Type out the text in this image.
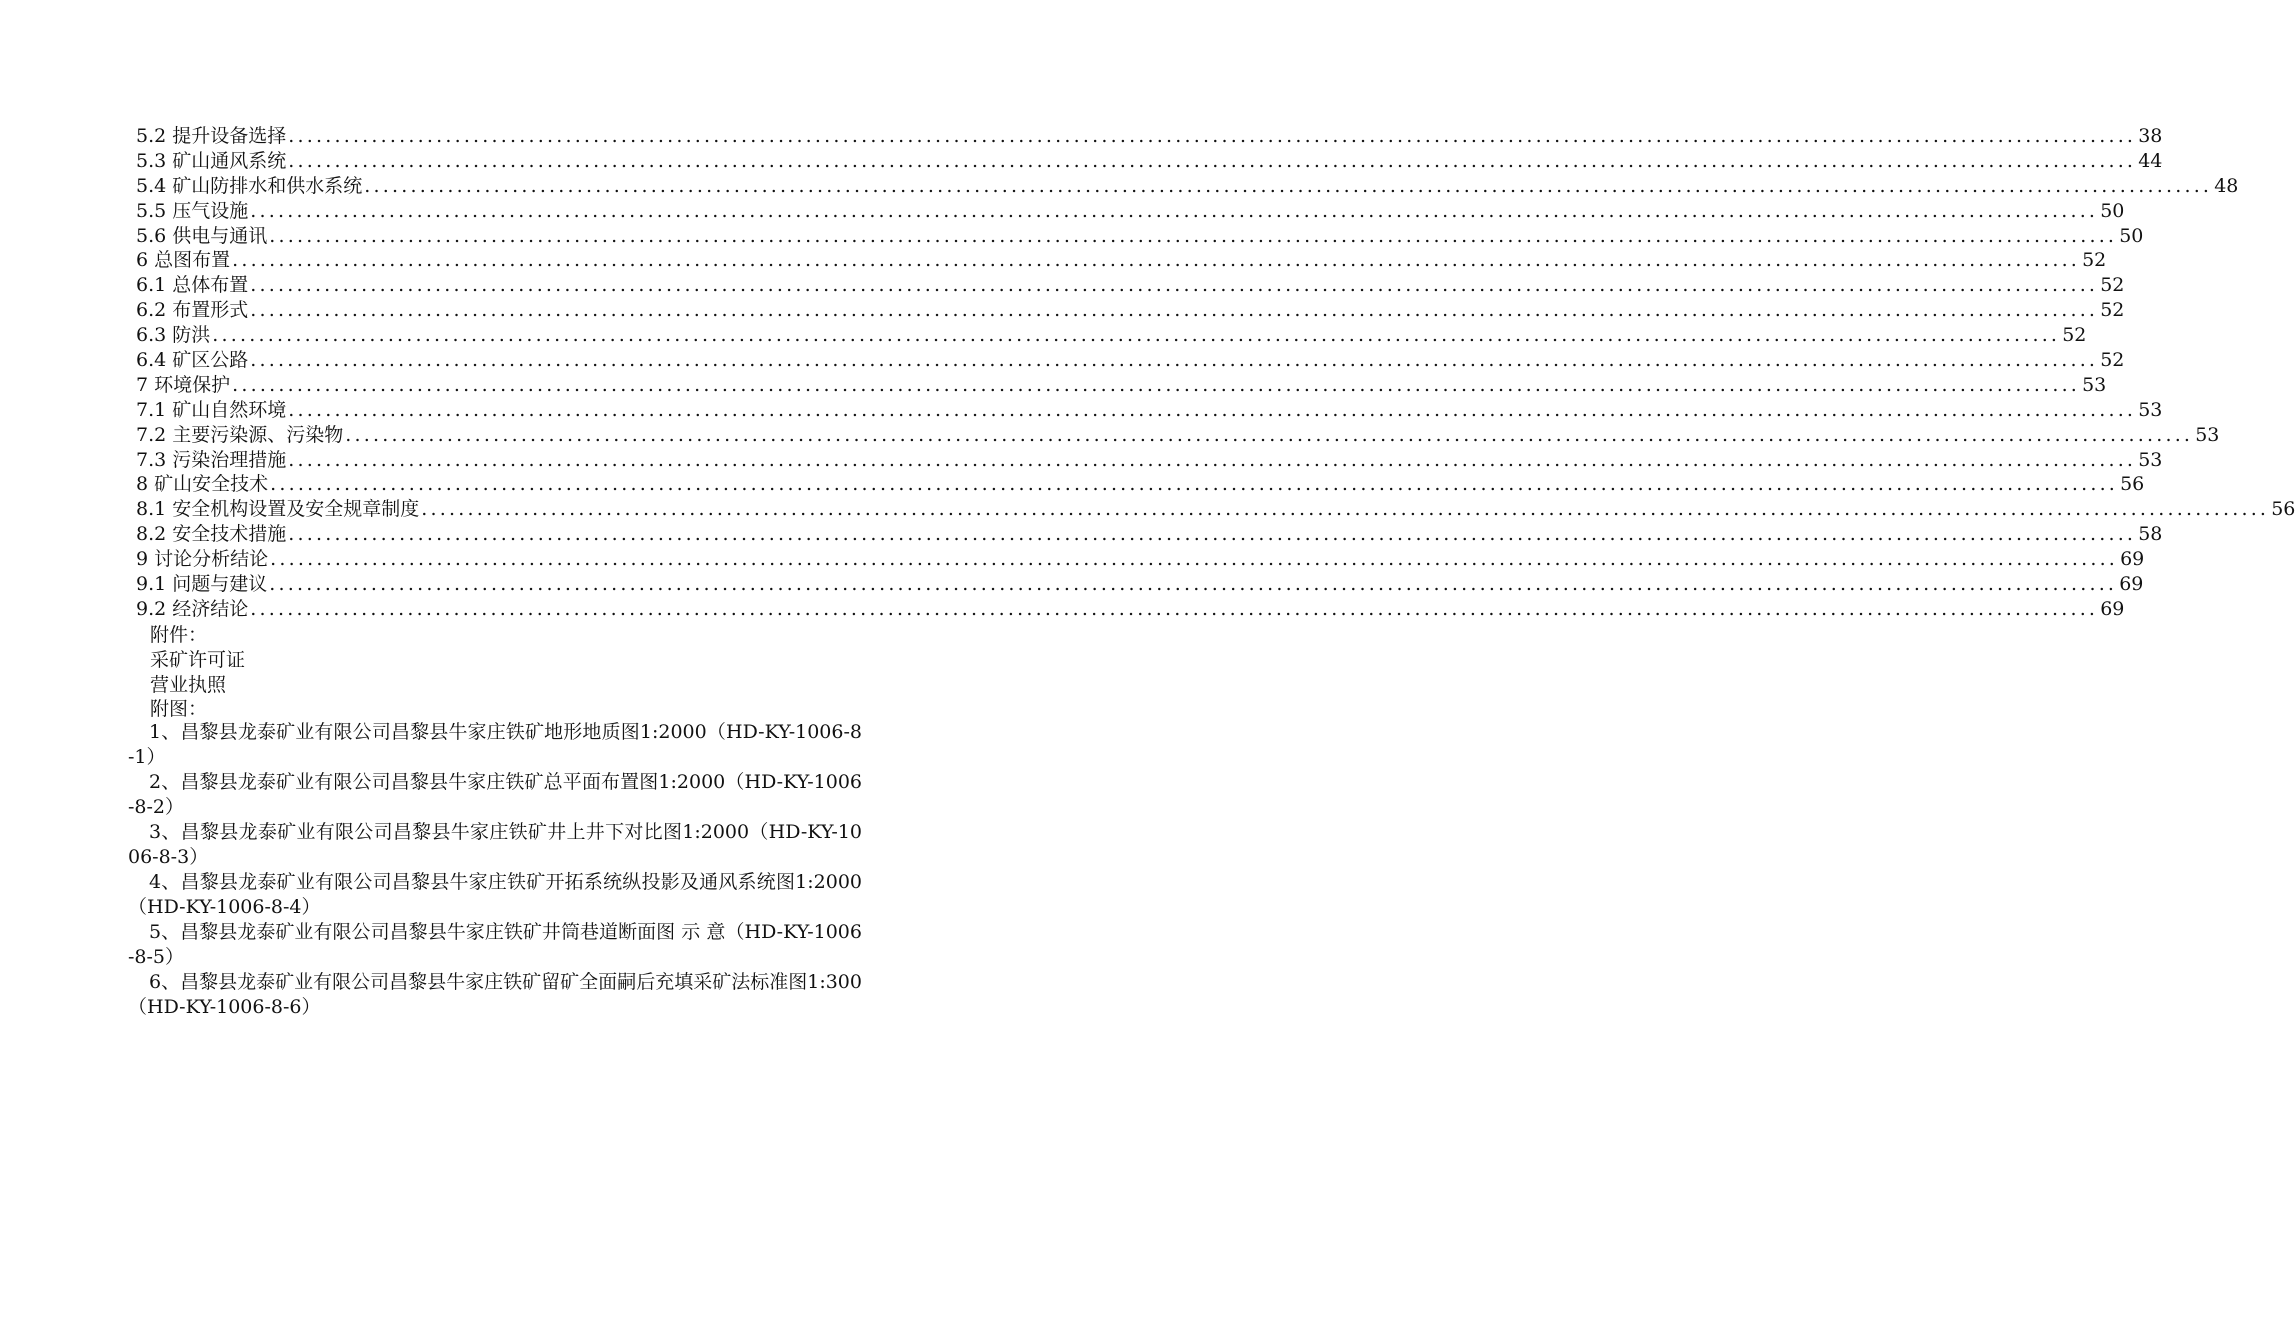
5.2 提升设备选择 ........................................................................................................................................................................................................ 38
5.3 矿山通风系统 ........................................................................................................................................................................................................ 44
5.4 矿山防排水和供水系统 ........................................................................................................................................................................................................ 48
5.5 压气设施 ........................................................................................................................................................................................................ 50
5.6 供电与通讯 ........................................................................................................................................................................................................ 50
6 总图布置 ........................................................................................................................................................................................................ 52
6.1 总体布置 ........................................................................................................................................................................................................ 52
6.2 布置形式 ........................................................................................................................................................................................................ 52
6.3 防洪 ........................................................................................................................................................................................................ 52
6.4 矿区公路 ........................................................................................................................................................................................................ 52
7 环境保护 ........................................................................................................................................................................................................ 53
7.1 矿山自然环境 ........................................................................................................................................................................................................ 53
7.2 主要污染源、污染物 ........................................................................................................................................................................................................ 53
7.3 污染治理措施 ........................................................................................................................................................................................................ 53
8 矿山安全技术 ........................................................................................................................................................................................................ 56
8.1 安全机构设置及安全规章制度 ........................................................................................................................................................................................................ 56
8.2 安全技术措施 ........................................................................................................................................................................................................ 58
9 讨论分析结论 ........................................................................................................................................................................................................ 69
9.1 问题与建议 ........................................................................................................................................................................................................ 69
9.2 经济结论 ........................................................................................................................................................................................................ 69
附件：
采矿许可证
营业执照
附图：

1、昌黎县龙泰矿业有限公司昌黎县牛家庄铁矿地形地质图1:2000（HD-KY-1006-8-1）

2、昌黎县龙泰矿业有限公司昌黎县牛家庄铁矿总平面布置图1:2000（HD-KY-1006-8-2）

3、昌黎县龙泰矿业有限公司昌黎县牛家庄铁矿井上井下对比图1:2000（HD-KY-1006-8-3）

4、昌黎县龙泰矿业有限公司昌黎县牛家庄铁矿开拓系统纵投影及通风系统图1:2000（HD-KY-1006-8-4）

5、昌黎县龙泰矿业有限公司昌黎县牛家庄铁矿井筒巷道断面图 示 意（HD-KY-1006-8-5）

6、昌黎县龙泰矿业有限公司昌黎县牛家庄铁矿留矿全面嗣后充填采矿法标准图1:300（HD-KY-1006-8-6）
